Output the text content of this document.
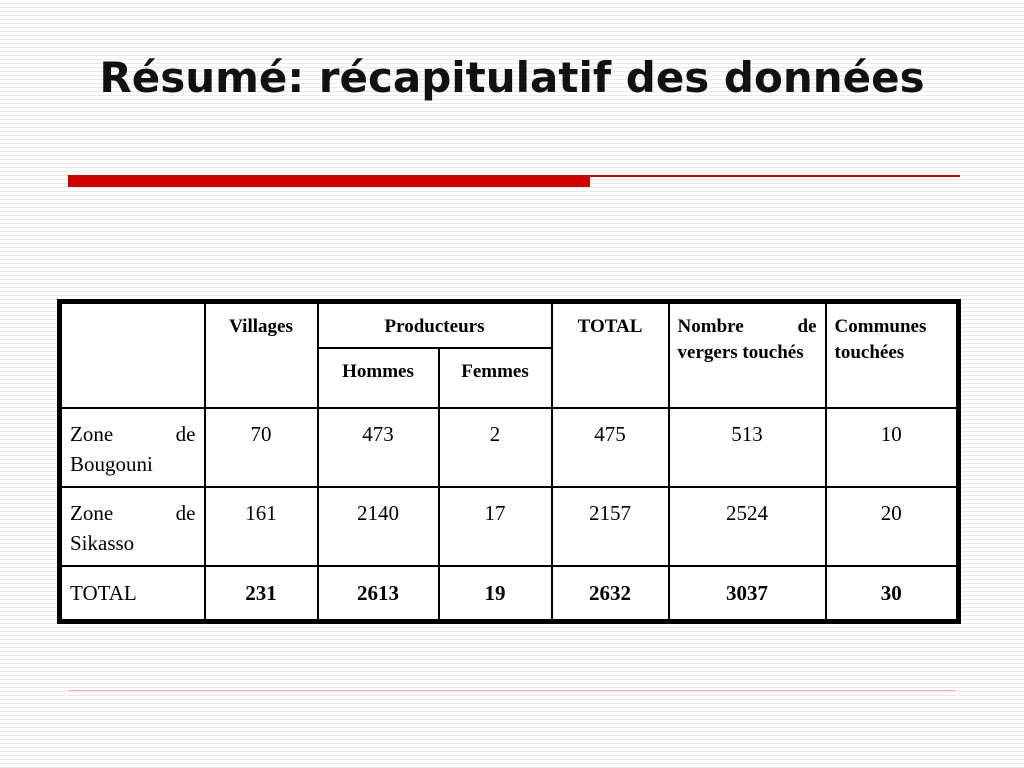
Résumé: récapitulatif des données
	Villages	Producteurs		TOTAL	Nombre de vergers touchés	Communes touchées
		Hommes	Femmes			
Zone de Bougouni	70	473	2	475	513	10
Zone de Sikasso	161	2140	17	2157	2524	20
TOTAL	231	2613	19	2632	3037	30
